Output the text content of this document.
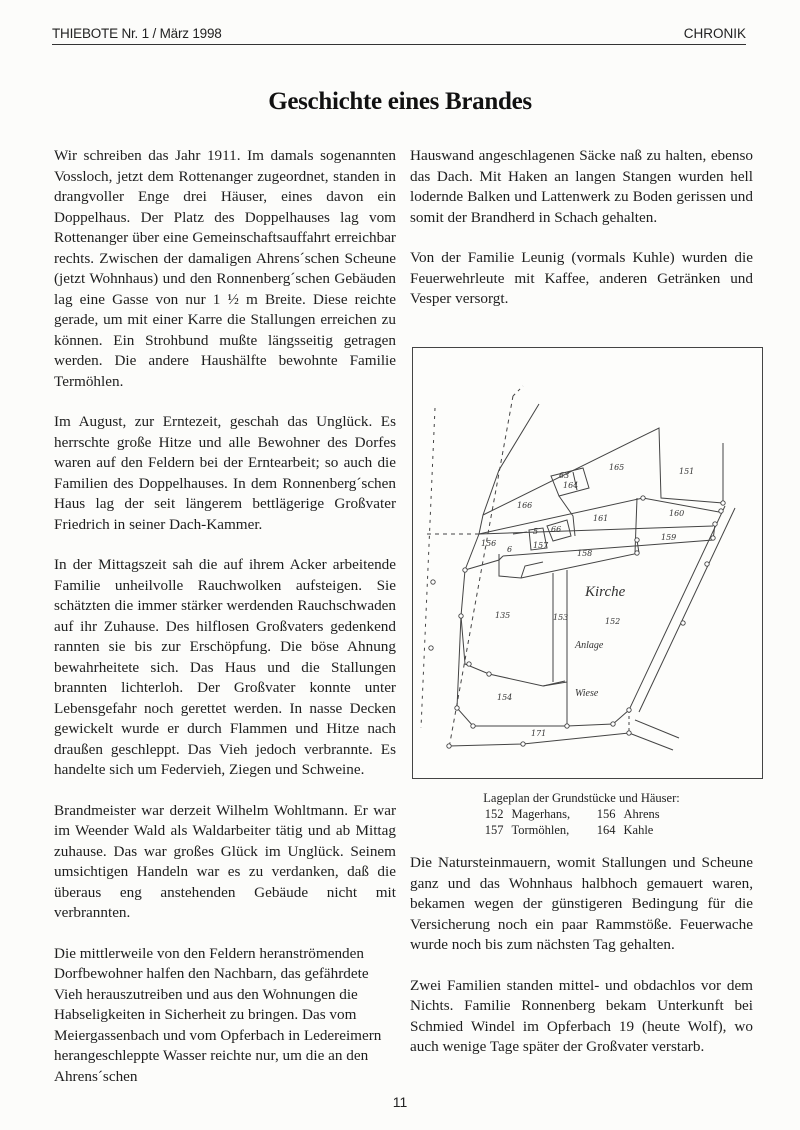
THIEBOTE Nr. 1 / März 1998	CHRONIK
Geschichte eines Brandes

Wir schreiben das Jahr 1911. Im damals sogenannten Vossloch, jetzt dem Rottenanger zugeordnet, standen in drangvoller Enge drei Häuser, eines davon ein Doppelhaus. Der Platz des Doppelhauses lag vom Rottenanger über eine Gemeinschaftsauffahrt erreichbar rechts. Zwischen der damaligen Ahrens´schen Scheune (jetzt Wohnhaus) und den Ronnenberg´schen Gebäuden lag eine Gasse von nur 1 ½ m Breite. Diese reichte gerade, um mit einer Karre die Stallungen erreichen zu können. Ein Strohbund mußte längsseitig getragen werden. Die andere Haushälfte bewohnte Familie Termöhlen.

Im August, zur Erntezeit, geschah das Unglück. Es herrschte große Hitze und alle Bewohner des Dorfes waren auf den Feldern bei der Erntearbeit; so auch die Familien des Doppelhauses. In dem Ronnenberg´schen Haus lag der seit längerem bettlägerige Großvater Friedrich in seiner Dach-Kammer.

In der Mittagszeit sah die auf ihrem Acker arbeitende Familie unheilvolle Rauchwolken aufsteigen. Sie schätzten die immer stärker werdenden Rauchschwaden auf ihr Zuhause. Des hilflosen Großvaters gedenkend rannten sie bis zur Erschöpfung. Die böse Ahnung bewahrheitete sich. Das Haus und die Stallungen brannten lichterloh. Der Großvater konnte unter Lebensgefahr noch gerettet werden. In nasse Decken gewickelt wurde er durch Flammen und Hitze nach draußen geschleppt. Das Vieh jedoch verbrannte. Es handelte sich um Federvieh, Ziegen und Schweine.

Brandmeister war derzeit Wilhelm Wohltmann. Er war im Weender Wald als Waldarbeiter tätig und ab Mittag zuhause. Das war großes Glück im Unglück. Seinem umsichtigen Handeln war es zu verdanken, daß die überaus eng anstehenden Gebäude nicht mit verbrannten.

Die mittlerweile von den Feldern heranströmenden Dorfbewohner halfen den Nachbarn, das gefährdete Vieh herauszutreiben und aus den Wohnungen die Habseligkeiten in Sicherheit zu bringen. Das vom Meiergassenbach und vom Opferbach in Ledereimern herangeschleppte Wasser reichte nur, um die an den Ahrens´schen

Hauswand angeschlagenen Säcke naß zu halten, ebenso das Dach. Mit Haken an langen Stangen wurden hell lodernde Balken und Lattenwerk zu Boden gerissen und somit der Brandherd in Schach gehalten.

Von der Familie Leunig (vormals Kuhle) wurden die Feuerwehrleute mit Kaffee, anderen Getränken und Vesper versorgt.

165	151
164
63
166
160
161
66
159
156
6
5
157
158
135	153	152
154
171
Kirche
Anlage
Wiese
Lageplan der Grundstücke und Häuser:
152 Magerhans,	156 Ahrens
157 Tormöhlen,	164 Kahle

Die Natursteinmauern, womit Stallungen und Scheune ganz und das Wohnhaus halbhoch gemauert waren, bekamen wegen der günstigeren Bedingung für die Versicherung noch ein paar Rammstöße. Feuerwache wurde noch bis zum nächsten Tag gehalten.

Zwei Familien standen mittel- und obdachlos vor dem Nichts. Familie Ronnenberg bekam Unterkunft bei Schmied Windel im Opferbach 19 (heute Wolf), wo auch wenige Tage später der Großvater verstarb.

11
